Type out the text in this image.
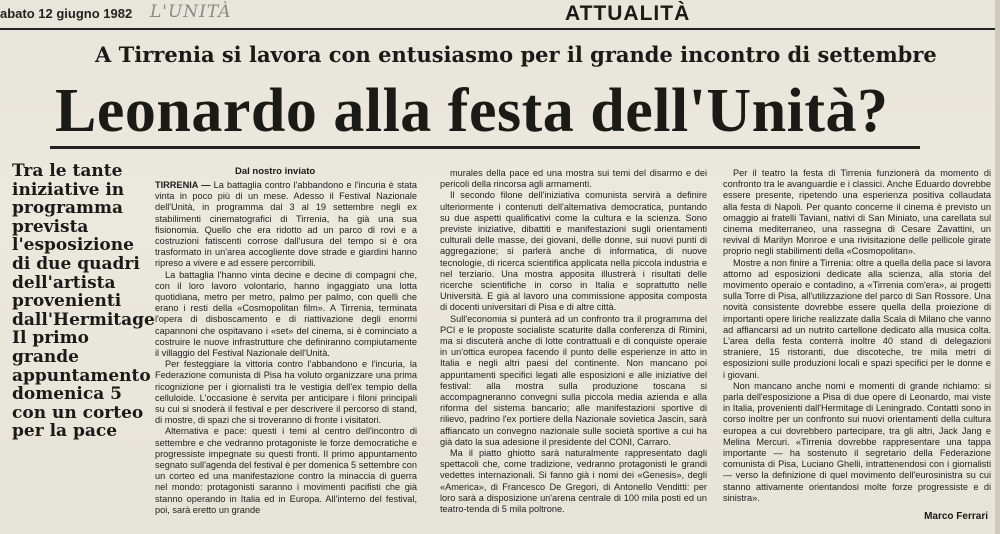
abato 12 giugno 1982 L'UNITÀ	ATTUALITÀ
A Tirrenia si lavora con entusiasmo per il grande incontro di settembre
Leonardo alla festa dell'Unità?

Tra le tante iniziative in programma prevista l'esposizione di due quadri dell'artista provenienti dall'Hermitage Il primo grande appuntamento domenica 5 con un corteo per la pace

Dal nostro inviato

TIRRENIA — La battaglia contro l'abbandono e l'incuria è stata vinta in poco più di un mese. Adesso il Festival Nazionale dell'Unità, in programma dal 3 al 19 settembre negli ex stabilimenti cinematografici di Tirrenia, ha già una sua fisionomia. Quello che era ridotto ad un parco di rovi e a costruzioni fatiscenti corrose dall'usura del tempo si è ora trasformato in un'area accogliente dove strade e giardini hanno ripreso a vivere e ad essere percorribili.

La battaglia l'hanno vinta decine e decine di compagni che, con il loro lavoro volontario, hanno ingaggiato una lotta quotidiana, metro per metro, palmo per palmo, con quelli che erano i resti della «Cosmopolitan film». A Tirrenia, terminata l'opera di disboscamento e di riattivazione degli enormi capannoni che ospitavano i «set» del cinema, si è cominciato a costruire le nuove infrastrutture che definiranno compiutamente il villaggio del Festival Nazionale dell'Unità.

Per festeggiare la vittoria contro l'abbandono e l'incuria, la Federazione comunista di Pisa ha voluto organizzare una prima ricognizione per i giornalisti tra le vestigia dell'ex tempio della celluloide. L'occasione è servita per anticipare i filoni principali su cui si snoderà il festival e per descrivere il percorso di stand, di mostre, di spazi che si troveranno di fronte i visitatori.

Alternativa e pace: questi i temi al centro dell'incontro di settembre e che vedranno protagoniste le forze democratiche e progressiste impegnate su questi fronti. Il primo appuntamento segnato sull'agenda del festival è per domenica 5 settembre con un corteo ed una manifestazione contro la minaccia di guerra nel mondo: protagonisti saranno i movimenti pacifisti che già stanno operando in Italia ed in Europa. All'interno del festival, poi, sarà eretto un grande

murales della pace ed una mostra sui temi del disarmo e dei pericoli della rincorsa agli armamenti.

Il secondo filone dell'iniziativa comunista servirà a definire ulteriormente i contenuti dell'alternativa democratica, puntando su due aspetti qualificativi come la cultura e la scienza. Sono previste iniziative, dibattiti e manifestazioni sugli orientamenti culturali delle masse, dei giovani, delle donne, sui nuovi punti di aggregazione; si parlerà anche di informatica, di nuove tecnologie, di ricerca scientifica applicata nella piccola industria e nel terziario. Una mostra apposita illustrerà i risultati delle ricerche scientifiche in corso in Italia e soprattutto nelle Università. E già al lavoro una commissione apposita composta di docenti universitari di Pisa e di altre città.

Sull'economia si punterà ad un confronto tra il programma del PCI e le proposte socialiste scaturite dalla conferenza di Rimini, ma si discuterà anche di lotte contrattuali e di conquiste operaie in un'ottica europea facendo il punto delle esperienze in atto in Italia e negli altri paesi del continente. Non mancano poi appuntamenti specifici legati alle esposizioni e alle iniziative del festival: alla mostra sulla produzione toscana si accompagneranno convegni sulla piccola media azienda e alla riforma del sistema bancario; alle manifestazioni sportive di rilievo, padrino l'ex portiere della Nazionale sovietica Jascin, sarà affiancato un convegno nazionale sulle società sportive a cui ha già dato la sua adesione il presidente del CONI, Carraro.

Ma il piatto ghiotto sarà naturalmente rappresentato dagli spettacoli che, come tradizione, vedranno protagonisti le grandi vedettes internazionali. Si fanno già i nomi dei «Genesis», degli «America», di Francesco De Gregori, di Antonello Venditti: per loro sarà a disposizione un'arena centrale di 100 mila posti ed un teatro-tenda di 5 mila poltrone.

Per il teatro la festa di Tirrenia funzionerà da momento di confronto tra le avanguardie e i classici. Anche Eduardo dovrebbe essere presente, ripetendo una esperienza positiva collaudata alla festa di Napoli. Per quanto concerne il cinema è previsto un omaggio ai fratelli Taviani, nativi di San Miniato, una carellata sul cinema mediterraneo, una rassegna di Cesare Zavattini, un revival di Marilyn Monroe e una rivisitazione delle pellicole girate proprio negli stabilimenti della «Cosmopolitan».

Mostre a non finire a Tirrenia: oltre a quella della pace si lavora attorno ad esposizioni dedicate alla scienza, alla storia del movimento operaio e contadino, a «Tirrenia com'era», ai progetti sulla Torre di Pisa, all'utilizzazione del parco di San Rossore. Una novità consistente dovrebbe essere quella della proiezione di importanti opere liriche realizzate dalla Scala di Milano che vanno ad affiancarsi ad un nutrito cartellone dedicato alla musica colta. L'area della festa conterrà inoltre 40 stand di delegazioni straniere, 15 ristoranti, due discoteche, tre mila metri di esposizioni sulle produzioni locali e spazi specifici per le donne e i giovani.

Non mancano anche nomi e momenti di grande richiamo: si parla dell'esposizione a Pisa di due opere di Leonardo, mai viste in Italia, provenienti dall'Hermitage di Leningrado. Contatti sono in corso inoltre per un confronto sui nuovi orientamenti della cultura europea a cui dovrebbero partecipare, tra gli altri, Jack Jang e Melina Mercuri. «Tirrenia dovrebbe rappresentare una tappa importante — ha sostenuto il segretario della Federazione comunista di Pisa, Luciano Ghelli, intrattenendosi con i giornalisti — verso la definizione di quel movimento dell'eurosinistra su cui stanno attivamente orientandosi molte forze progressiste e di sinistra».

Marco Ferrari
